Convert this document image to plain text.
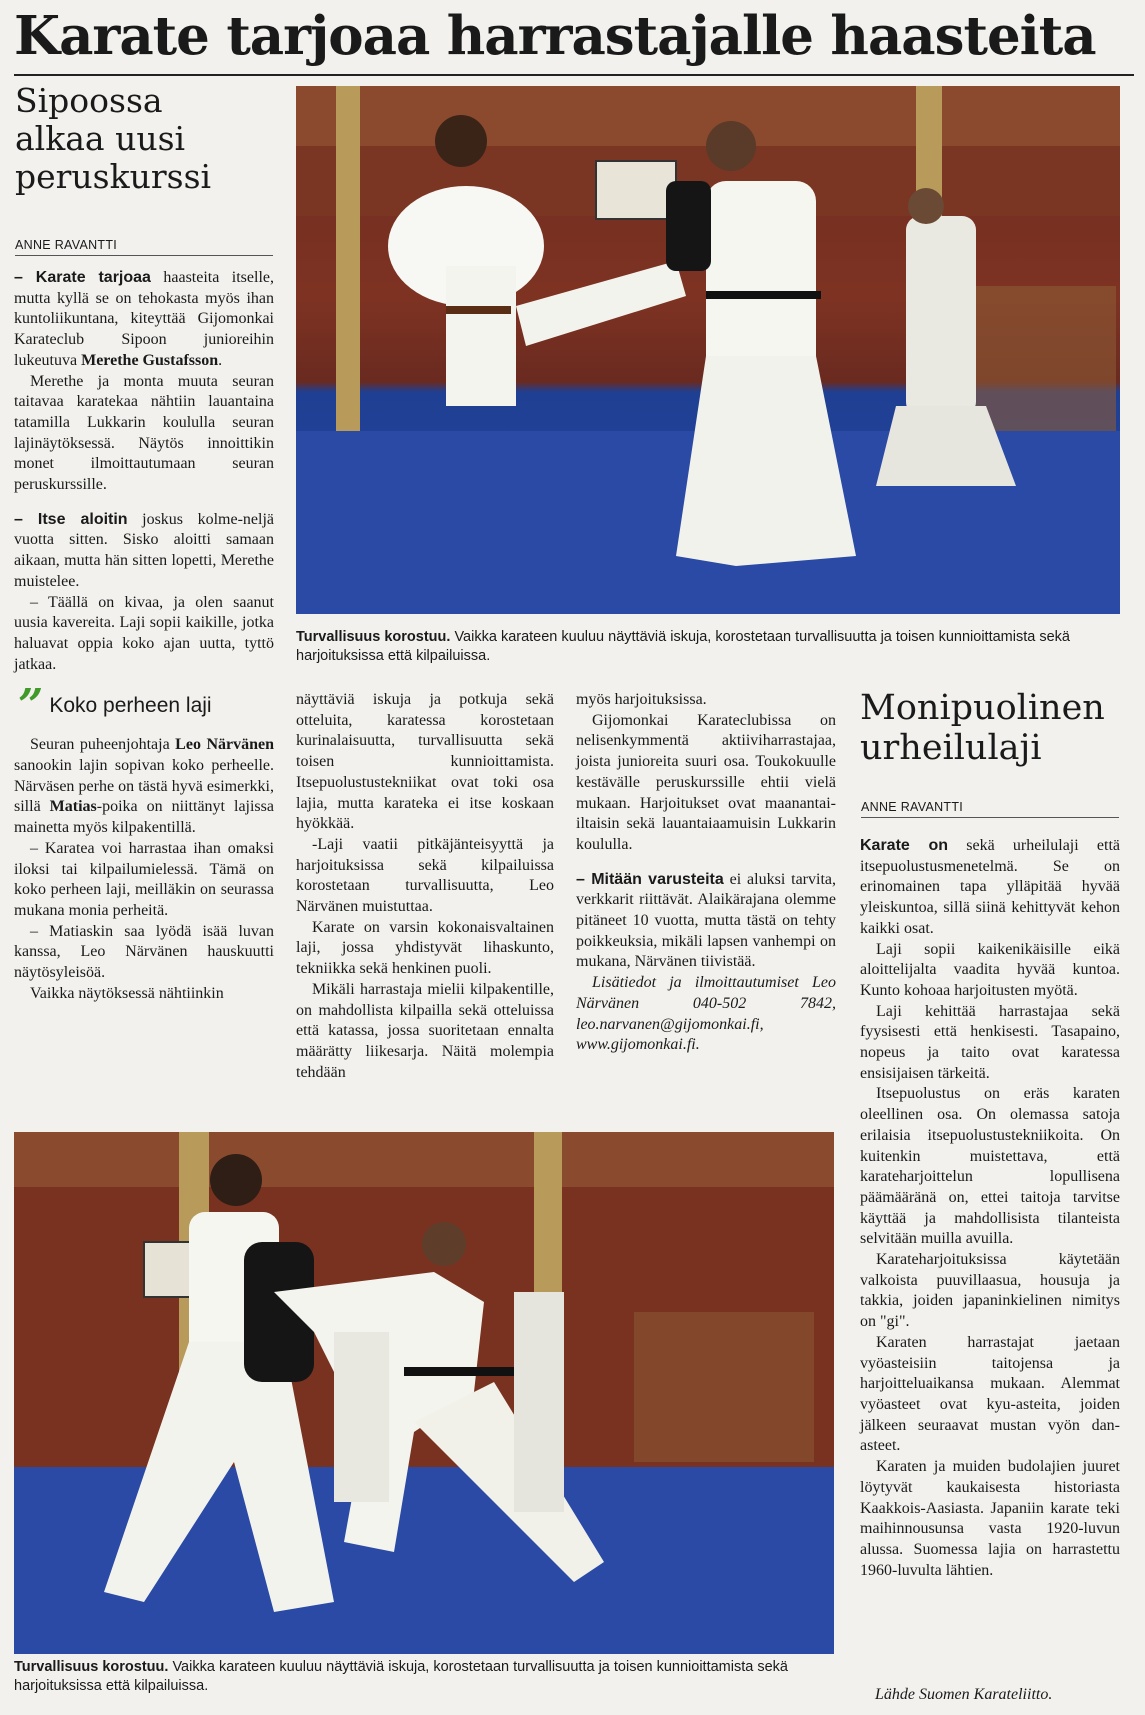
Karate tarjoaa harrastajalle haasteita
Sipoossa
alkaa uusi
peruskurssi
ANNE RAVANTTI

– Karate tarjoaa haasteita itselle, mutta kyllä se on tehokasta myös ihan kuntoliikuntana, kiteyttää Gijomonkai Karateclub Sipoon junioreihin lukeutuva Merethe Gustafsson.

Merethe ja monta muuta seuran taitavaa karatekaa nähtiin lauantaina tatamilla Lukkarin koululla seuran lajinäytöksessä. Näytös innoittikin monet ilmoittautumaan seuran peruskurssille.

– Itse aloitin joskus kolme-neljä vuotta sitten. Sisko aloitti samaan aikaan, mutta hän sitten lopetti, Merethe muistelee.

– Täällä on kivaa, ja olen saanut uusia kavereita. Laji sopii kaikille, jotka haluavat oppia koko ajan uutta, tyttö jatkaa.

” Koko perheen laji

Seuran puheenjohtaja Leo Närvänen sanookin lajin sopivan koko perheelle. Närväsen perhe on tästä hyvä esimerkki, sillä Matias-poika on niittänyt lajissa mainetta myös kilpakentillä.

– Karatea voi harrastaa ihan omaksi iloksi tai kilpailumielessä. Tämä on koko perheen laji, meilläkin on seurassa mukana monia perheitä.

– Matiaskin saa lyödä isää luvan kanssa, Leo Närvänen hauskuutti näytösyleisöä.

Vaikka näytöksessä nähtiinkin

Turvallisuus korostuu. Vaikka karateen kuuluu näyttäviä iskuja, korostetaan turvallisuutta ja toisen kunnioittamista sekä harjoituksissa että kilpailuissa.

näyttäviä iskuja ja potkuja sekä otteluita, karatessa korostetaan kurinalaisuutta, turvallisuutta sekä toisen kunnioittamista. Itsepuolustustekniikat ovat toki osa lajia, mutta karateka ei itse koskaan hyökkää.

-Laji vaatii pitkäjänteisyyttä ja harjoituksissa sekä kilpailuissa korostetaan turvallisuutta, Leo Närvänen muistuttaa.

Karate on varsin kokonaisvaltainen laji, jossa yhdistyvät lihaskunto, tekniikka sekä henkinen puoli.

Mikäli harrastaja mielii kilpakentille, on mahdollista kilpailla sekä otteluissa että katassa, jossa suoritetaan ennalta määrätty liikesarja. Näitä molempia tehdään

myös harjoituksissa.

Gijomonkai Karateclubissa on nelisenkymmentä aktiiviharrastajaa, joista junioreita suuri osa. Toukokuulle kestävälle peruskurssille ehtii vielä mukaan. Harjoitukset ovat maanantai-iltaisin sekä lauantaiaamuisin Lukkarin koululla.

– Mitään varusteita ei aluksi tarvita, verkkarit riittävät. Alaikärajana olemme pitäneet 10 vuotta, mutta tästä on tehty poikkeuksia, mikäli lapsen vanhempi on mukana, Närvänen tiivistää.

Lisätiedot ja ilmoittautumiset Leo Närvänen 040-502 7842, leo.narvanen@gijomonkai.fi, www.gijomonkai.fi.

Monipuolinen
urheilulaji
ANNE RAVANTTI

Karate on sekä urheilulaji että itsepuolustusmenetelmä. Se on erinomainen tapa ylläpitää hyvää yleiskuntoa, sillä siinä kehittyvät kehon kaikki osat.

Laji sopii kaikenikäisille eikä aloittelijalta vaadita hyvää kuntoa. Kunto kohoaa harjoitusten myötä.

Laji kehittää harrastajaa sekä fyysisesti että henkisesti. Tasapaino, nopeus ja taito ovat karatessa ensisijaisen tärkeitä.

Itsepuolustus on eräs karaten oleellinen osa. On olemassa satoja erilaisia itsepuolustustekniikoita. On kuitenkin muistettava, että karateharjoittelun lopullisena päämääränä on, ettei taitoja tarvitse käyttää ja mahdollisista tilanteista selvitään muilla avuilla.

Karateharjoituksissa käytetään valkoista puuvillaasua, housuja ja takkia, joiden japaninkielinen nimitys on "gi".

Karaten harrastajat jaetaan vyöasteisiin taitojensa ja harjoitteluaikansa mukaan. Alemmat vyöasteet ovat kyu-asteita, joiden jälkeen seuraavat mustan vyön dan-asteet.

Karaten ja muiden budolajien juuret löytyvät kaukaisesta historiasta Kaakkois-Aasiasta. Japaniin karate teki maihinnousunsa vasta 1920-luvun alussa. Suomessa lajia on harrastettu 1960-luvulta lähtien.

Lähde Suomen Karateliitto.
Turvallisuus korostuu. Vaikka karateen kuuluu näyttäviä iskuja, korostetaan turvallisuutta ja toisen kunnioittamista sekä harjoituksissa että kilpailuissa.
